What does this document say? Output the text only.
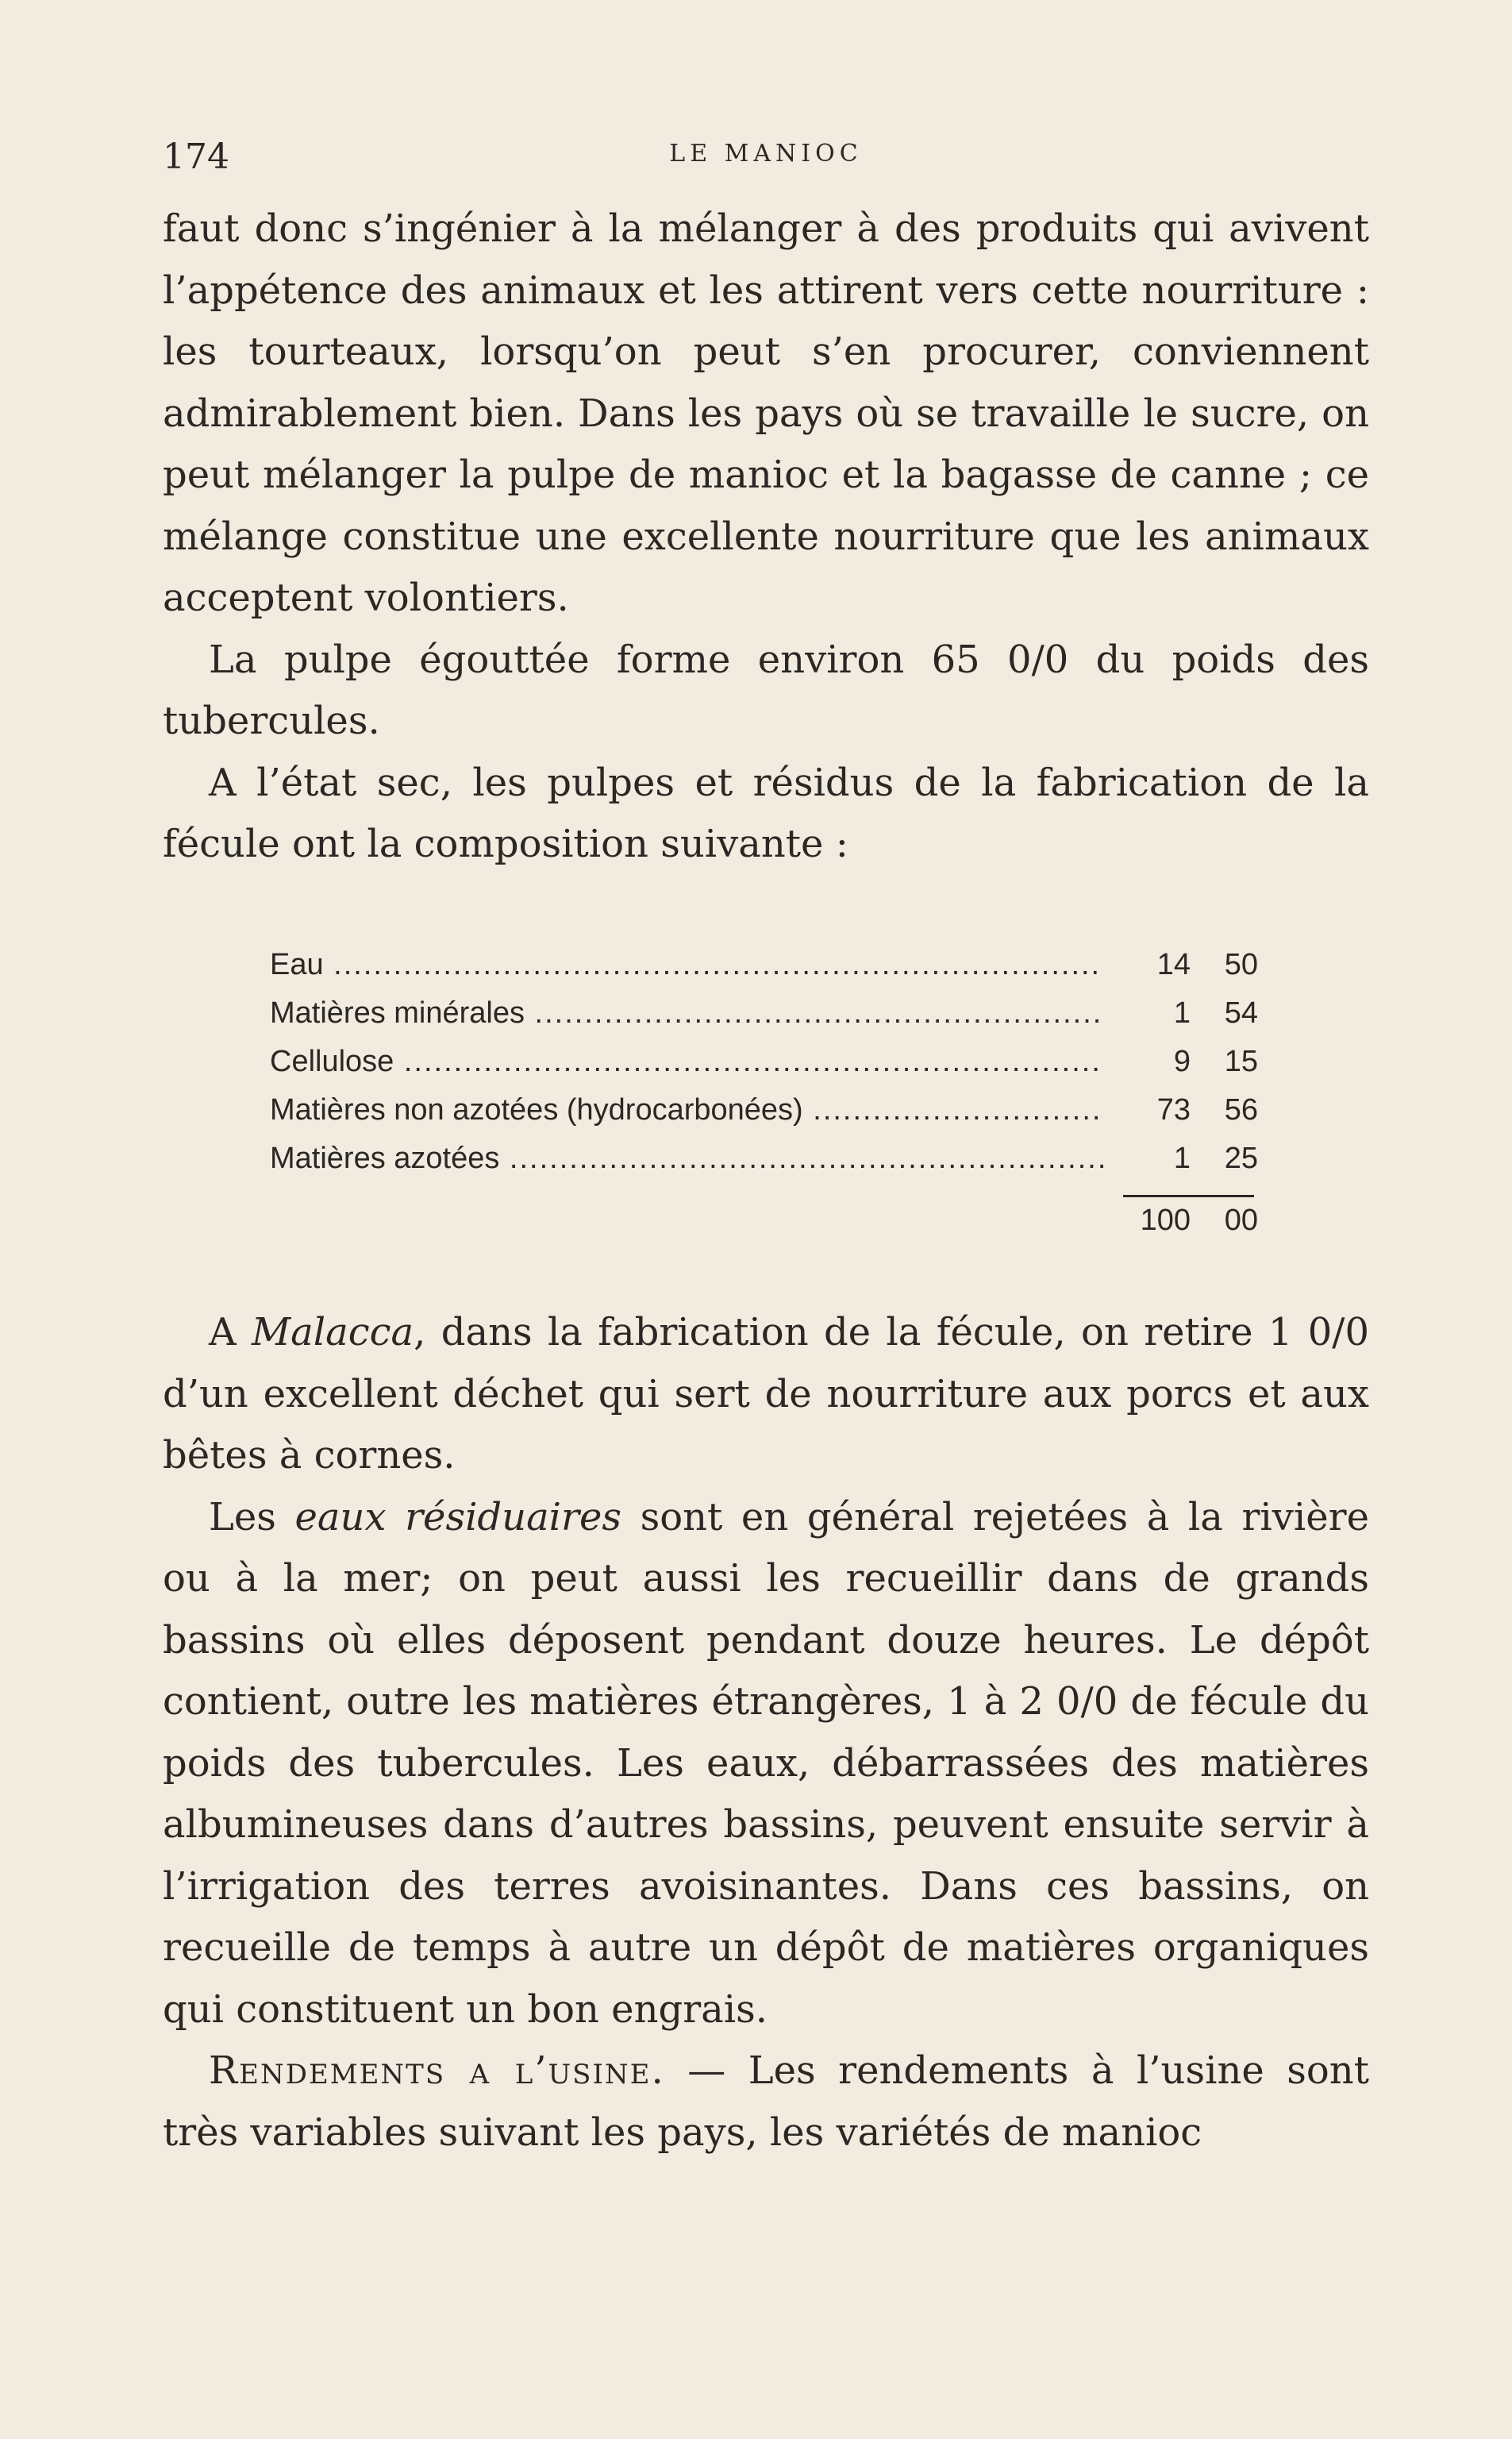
174	LE MANIOC

faut donc s’ingénier à la mélanger à des produits qui avivent l’appétence des animaux et les attirent vers cette nourriture : les tourteaux, lorsqu’on peut s’en procurer, conviennent admirablement bien. Dans les pays où se travaille le sucre, on peut mélanger la pulpe de manioc et la bagasse de canne ; ce mélange constitue une excellente nourriture que les animaux acceptent volontiers.

La pulpe égouttée forme environ 65 0/0 du poids des tubercules.

A l’état sec, les pulpes et résidus de la fabrication de la fécule ont la composition suivante :

Eau .....	14	50
Matières minérales .....	1	54
Cellulose .....	9	15
Matières non azotées (hydrocarbonées) .....	73	56
Matières azotées .....	1	25
100	00

A Malacca, dans la fabrication de la fécule, on retire 1 0/0 d’un excellent déchet qui sert de nourriture aux porcs et aux bêtes à cornes.

Les eaux résiduaires sont en général rejetées à la rivière ou à la mer; on peut aussi les recueillir dans de grands bassins où elles déposent pendant douze heures. Le dépôt contient, outre les matières étrangères, 1 à 2 0/0 de fécule du poids des tubercules. Les eaux, débarrassées des matières albumineuses dans d’autres bassins, peuvent ensuite servir à l’irrigation des terres avoisinantes. Dans ces bassins, on recueille de temps à autre un dépôt de matières organiques qui constituent un bon engrais.

Rendements a l’usine. — Les rendements à l’usine sont très variables suivant les pays, les variétés de manioc
